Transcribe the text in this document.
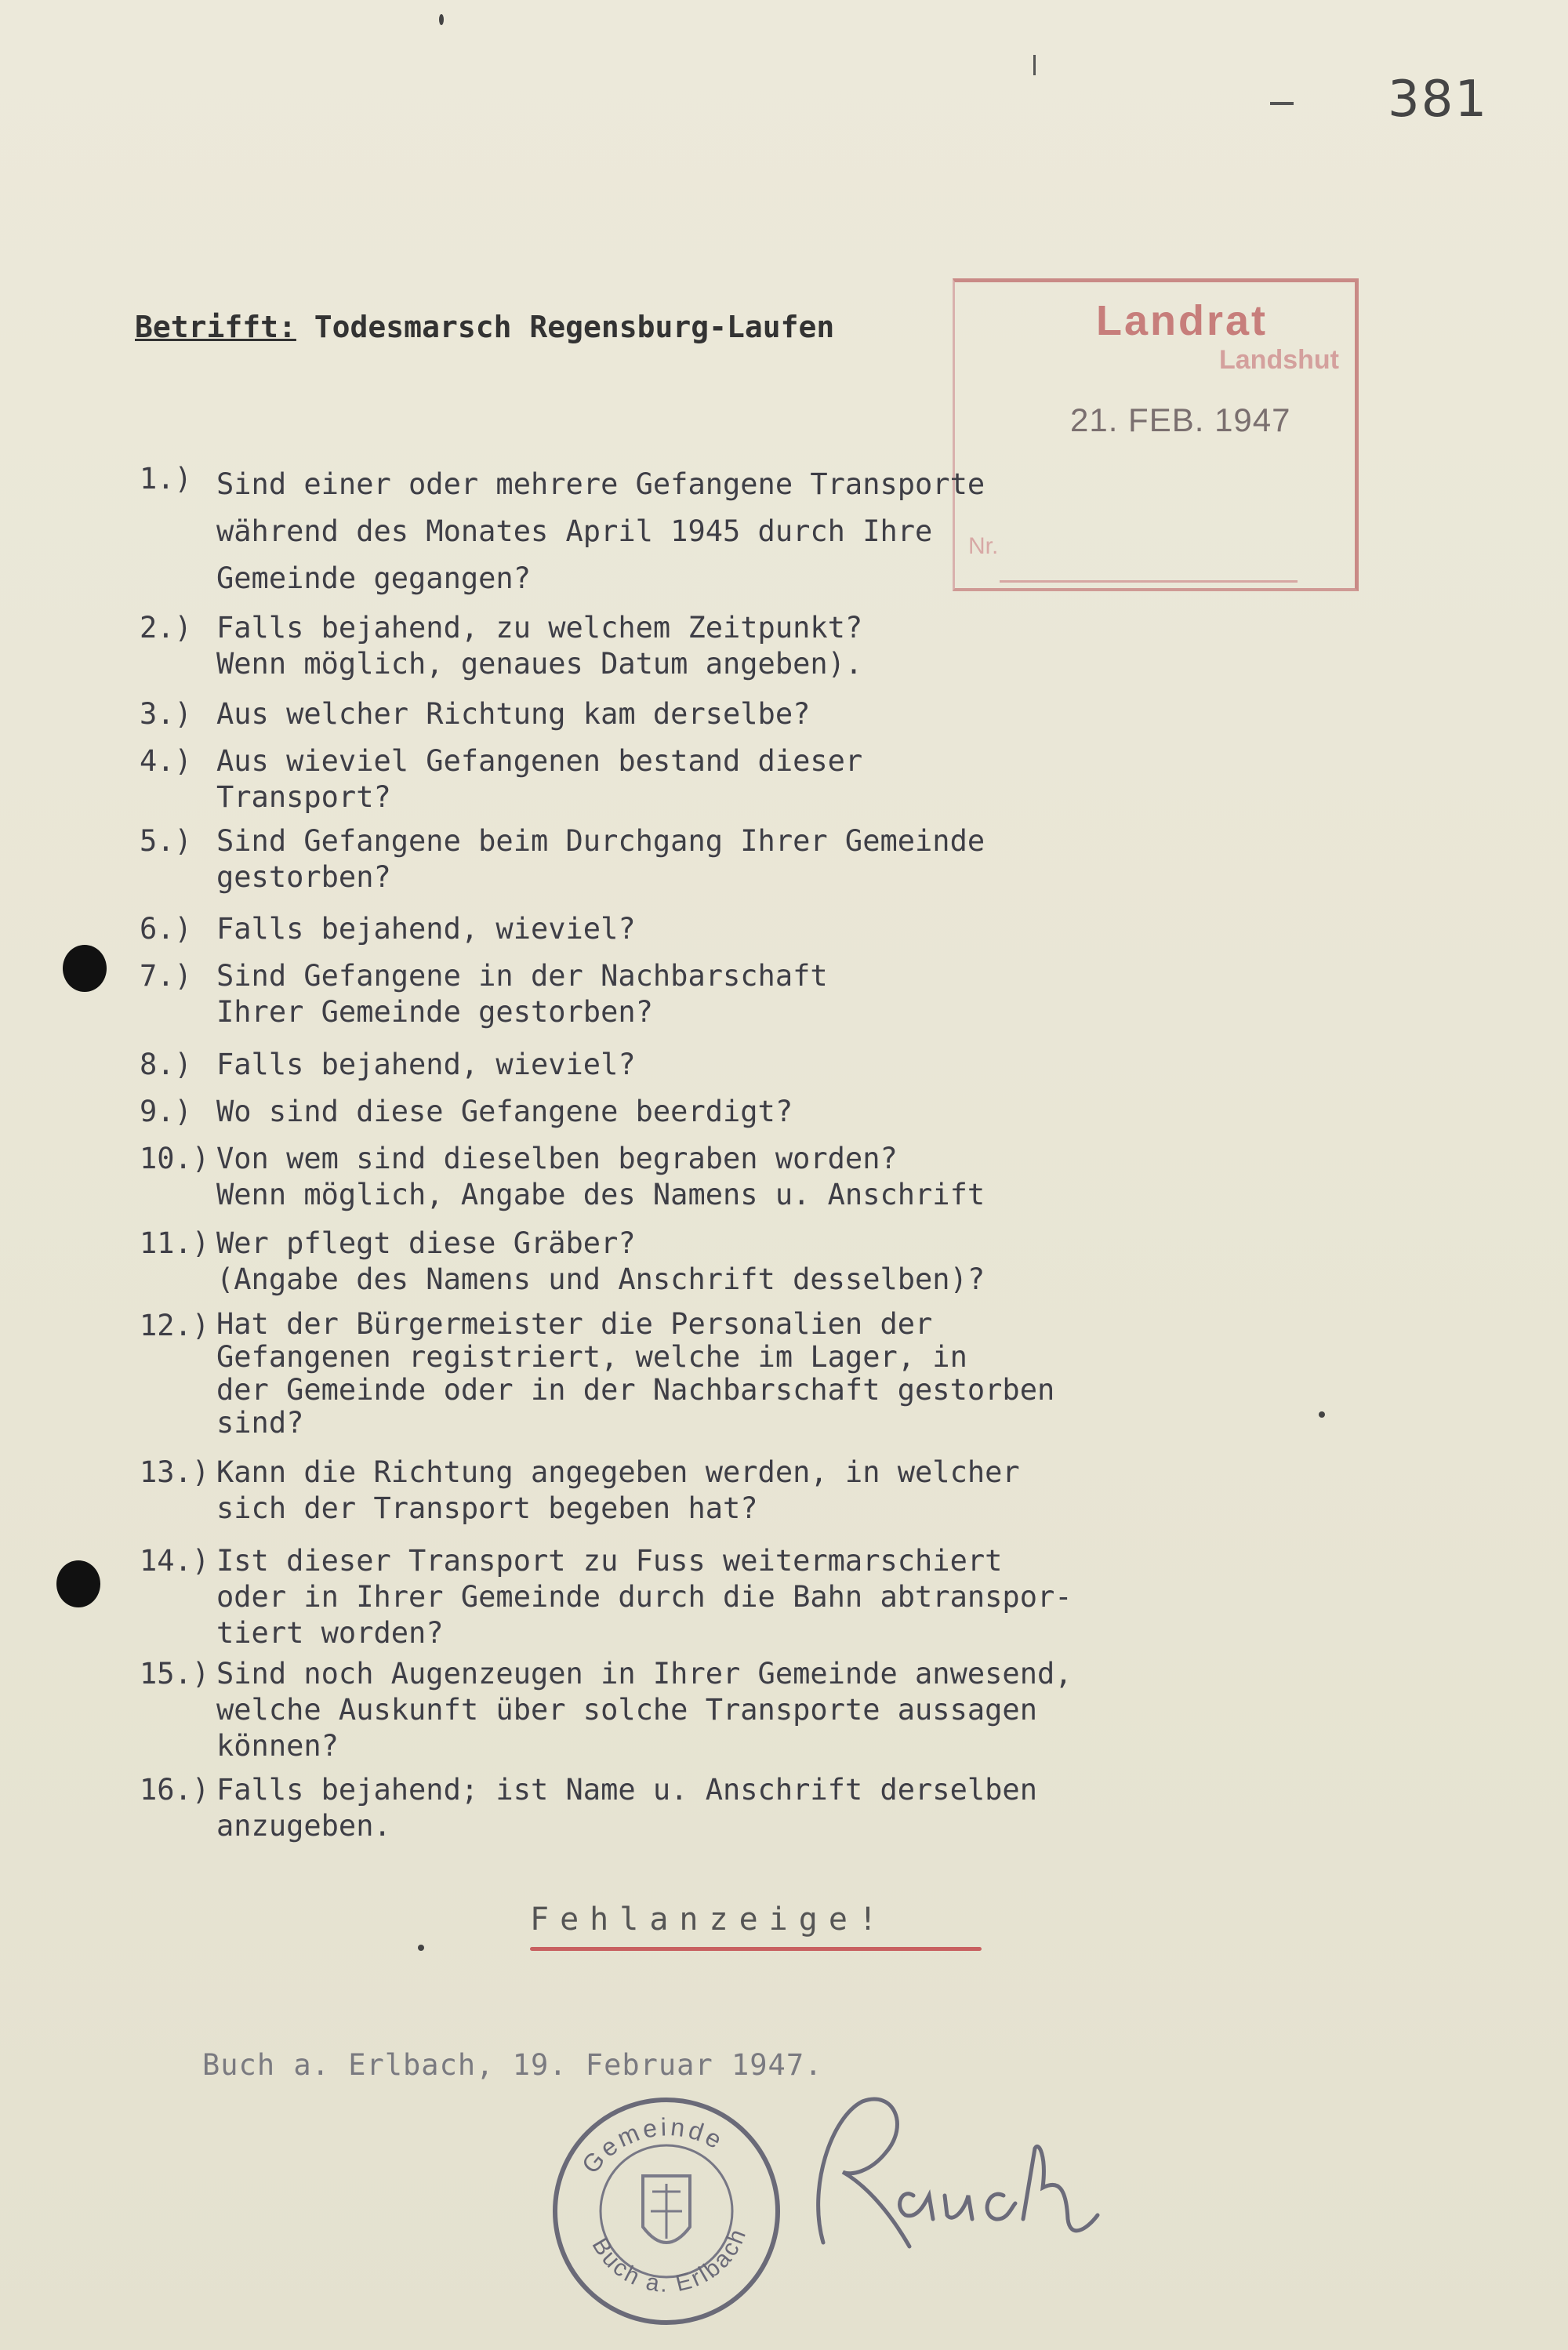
381
Betrifft: Todesmarsch Regensburg-Laufen	Landrat
Landshut
21. FEB. 1947
Nr.
1.) Sind einer oder mehrere Gefangene Transporte
während des Monates April 1945 durch Ihre
Gemeinde gegangen?
2.) Falls bejahend, zu welchem Zeitpunkt?
Wenn möglich, genaues Datum angeben).
3.) Aus welcher Richtung kam derselbe?
4.) Aus wieviel Gefangenen bestand dieser
Transport?
5.) Sind Gefangene beim Durchgang Ihrer Gemeinde
gestorben?
6.) Falls bejahend, wieviel?
7.) Sind Gefangene in der Nachbarschaft
Ihrer Gemeinde gestorben?
8.) Falls bejahend, wieviel?
9.) Wo sind diese Gefangene beerdigt?
10.) Von wem sind dieselben begraben worden?
Wenn möglich, Angabe des Namens u. Anschrift
11.) Wer pflegt diese Gräber?
(Angabe des Namens und Anschrift desselben)?
12.) Hat der Bürgermeister die Personalien der
Gefangenen registriert, welche im Lager, in
der Gemeinde oder in der Nachbarschaft gestorben
sind?
13.) Kann die Richtung angegeben werden, in welcher
sich der Transport begeben hat?
14.) Ist dieser Transport zu Fuss weitermarschiert
oder in Ihrer Gemeinde durch die Bahn abtranspor-
tiert worden?
15.) Sind noch Augenzeugen in Ihrer Gemeinde anwesend,
welche Auskunft über solche Transporte aussagen
können?
16.) Falls bejahend; ist Name u. Anschrift derselben
anzugeben.
Fehlanzeige!
Buch a. Erlbach, 19. Februar 1947.
Gemeinde
Buch a. Erlbach
